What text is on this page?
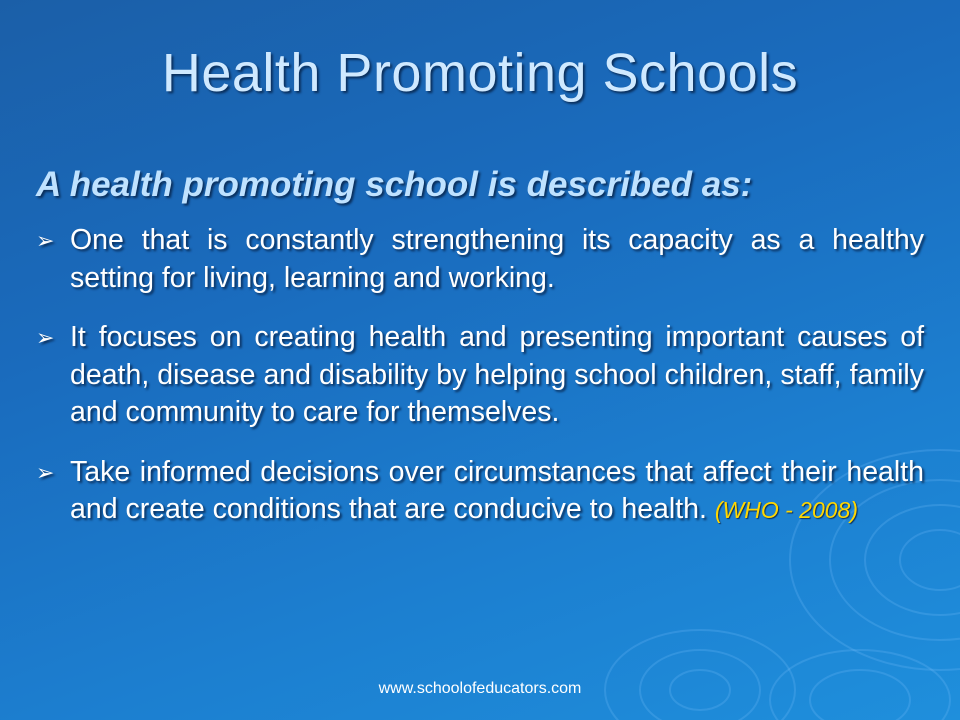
Health Promoting Schools
A health promoting school is described as:
➢ One that is constantly strengthening its capacity as a healthy setting for living, learning and working.
➢ It focuses on creating health and presenting important causes of death, disease and disability by helping school children, staff, family and community to care for themselves.
➢ Take informed decisions over circumstances that affect their health and create conditions that are conducive to health. (WHO - 2008)
www.schoolofeducators.com
